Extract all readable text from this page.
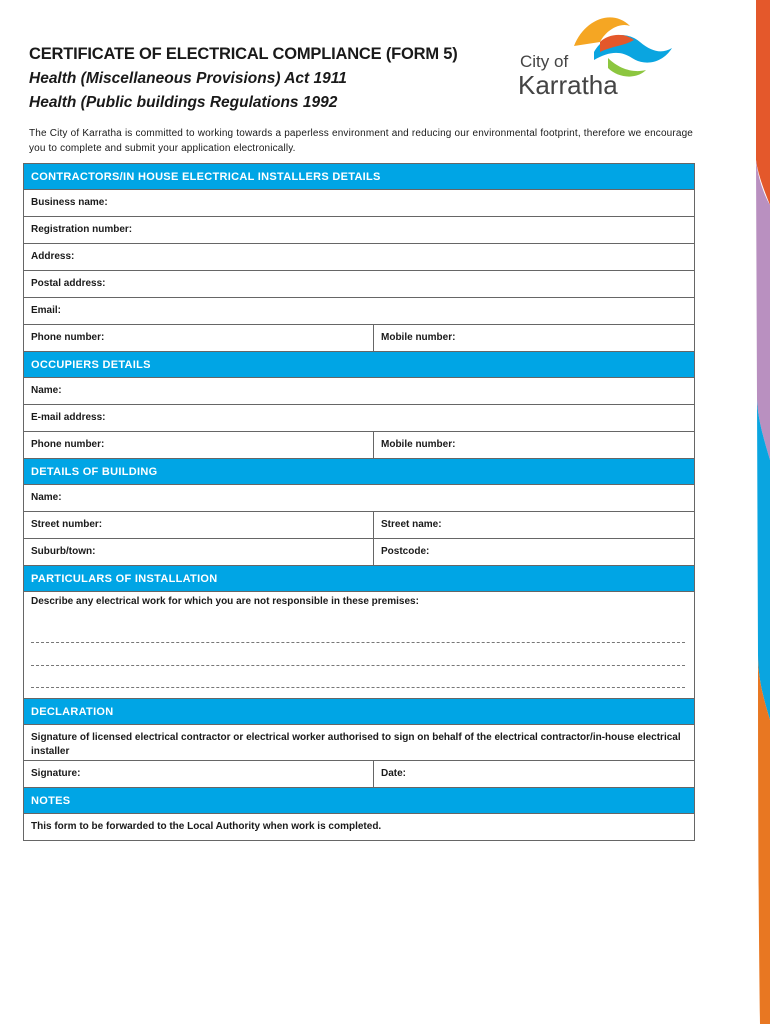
City of
Karratha
CERTIFICATE OF ELECTRICAL COMPLIANCE (FORM 5)
Health (Miscellaneous Provisions) Act 1911
Health (Public buildings Regulations 1992
The City of Karratha is committed to working towards a paperless environment and reducing our environmental footprint, therefore we encourage you to complete and submit your application electronically.
CONTRACTORS/IN HOUSE ELECTRICAL INSTALLERS DETAILS
Business name:
Registration number:
Address:
Postal address:
Email:
Phone number:	Mobile number:
OCCUPIERS DETAILS
Name:
E-mail address:
Phone number:	Mobile number:
DETAILS OF BUILDING
Name:
Street number:	Street name:
Suburb/town:	Postcode:
PARTICULARS OF INSTALLATION
Describe any electrical work for which you are not responsible in these premises:
DECLARATION
Signature of licensed electrical contractor or electrical worker authorised to sign on behalf of the electrical contractor/in-house electrical installer
Signature:	Date:
NOTES
This form to be forwarded to the Local Authority when work is completed.
